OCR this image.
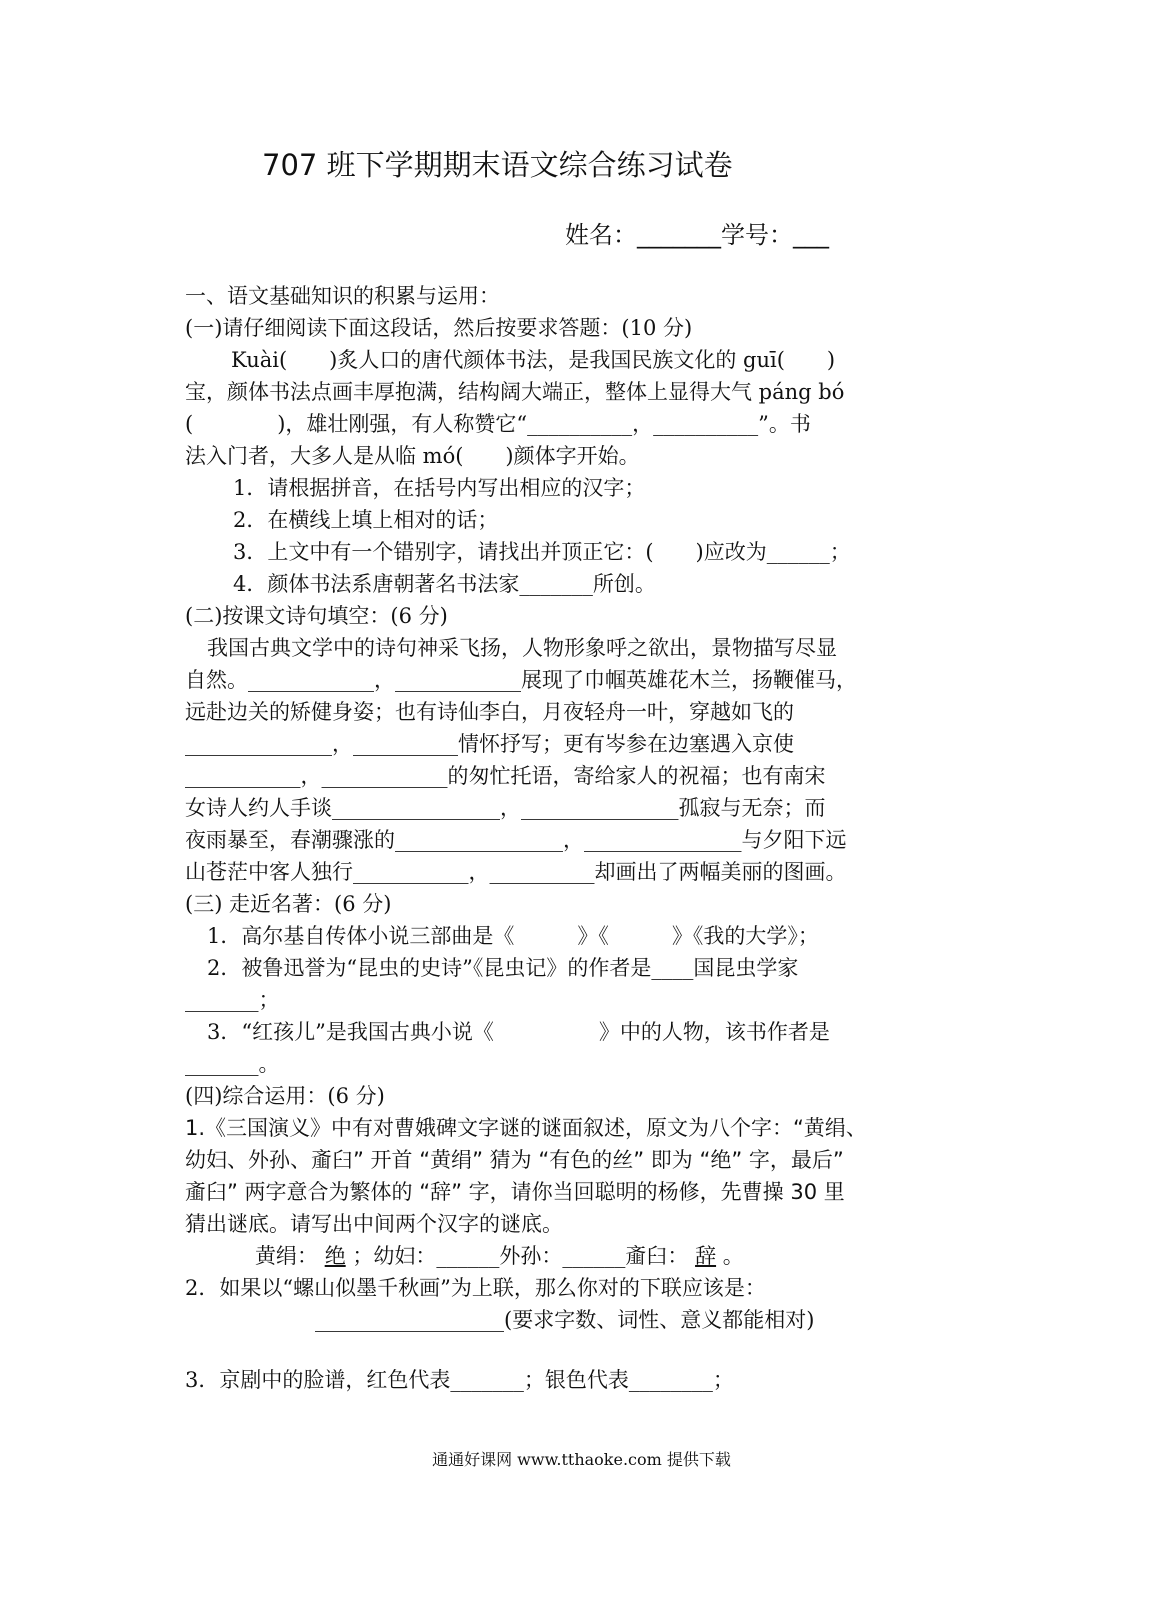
707 班下学期期末语文综合练习试卷
姓名：_______学号：___
一、语文基础知识的积累与运用：
(一)请仔细阅读下面这段话，然后按要求答题：(10 分)
Kuài(　　)炙人口的唐代颜体书法，是我国民族文化的 guī(　　)
宝，颜体书法点画丰厚抱满，结构阔大端正，整体上显得大气 páng bó
(　　　　)，雄壮刚强，有人称赞它“__________，__________”。书
法入门者，大多人是从临 mó(　　)颜体字开始。
1．请根据拼音，在括号内写出相应的汉字；
2．在横线上填上相对的话；
3．上文中有一个错别字，请找出并顶正它：(　　)应改为______；
4．颜体书法系唐朝著名书法家_______所创。
(二)按课文诗句填空：(6 分)
我国古典文学中的诗句神采飞扬，人物形象呼之欲出，景物描写尽显
自然。____________，____________展现了巾帼英雄花木兰，扬鞭催马，
远赴边关的矫健身姿；也有诗仙李白，月夜轻舟一叶，穿越如飞的
______________，__________情怀抒写；更有岑参在边塞遇入京使
___________，____________的匆忙托语，寄给家人的祝福；也有南宋
女诗人约人手谈________________，_______________孤寂与无奈；而
夜雨暴至，春潮骤涨的________________，_______________与夕阳下远
山苍茫中客人独行___________，__________却画出了两幅美丽的图画。
(三) 走近名著：(6 分)
1．高尔基自传体小说三部曲是《　　　》《　　　》《我的大学》；
2．被鲁迅誉为“昆虫的史诗”《昆虫记》的作者是____国昆虫学家
_______；
3．“红孩儿”是我国古典小说《　　　　　》中的人物，该书作者是
_______。
(四)综合运用：(6 分)
1.《三国演义》中有对曹娥碑文字谜的谜面叙述，原文为八个字：“黄绢、
幼妇、外孙、齑臼” 开首 “黄绢” 猜为 “有色的丝” 即为 “绝” 字，最后”
齑臼” 两字意合为繁体的 “辞” 字，请你当回聪明的杨修，先曹操 30 里
猜出谜底。请写出中间两个汉字的谜底。
黄绢： 绝 ；幼妇：______外孙：______齑臼： 辞 。
2．如果以“螺山似墨千秋画”为上联，那么你对的下联应该是：
__________________(要求字数、词性、意义都能相对)
3．京剧中的脸谱，红色代表_______；银色代表________；
通通好课网 www.tthaoke.com 提供下载
